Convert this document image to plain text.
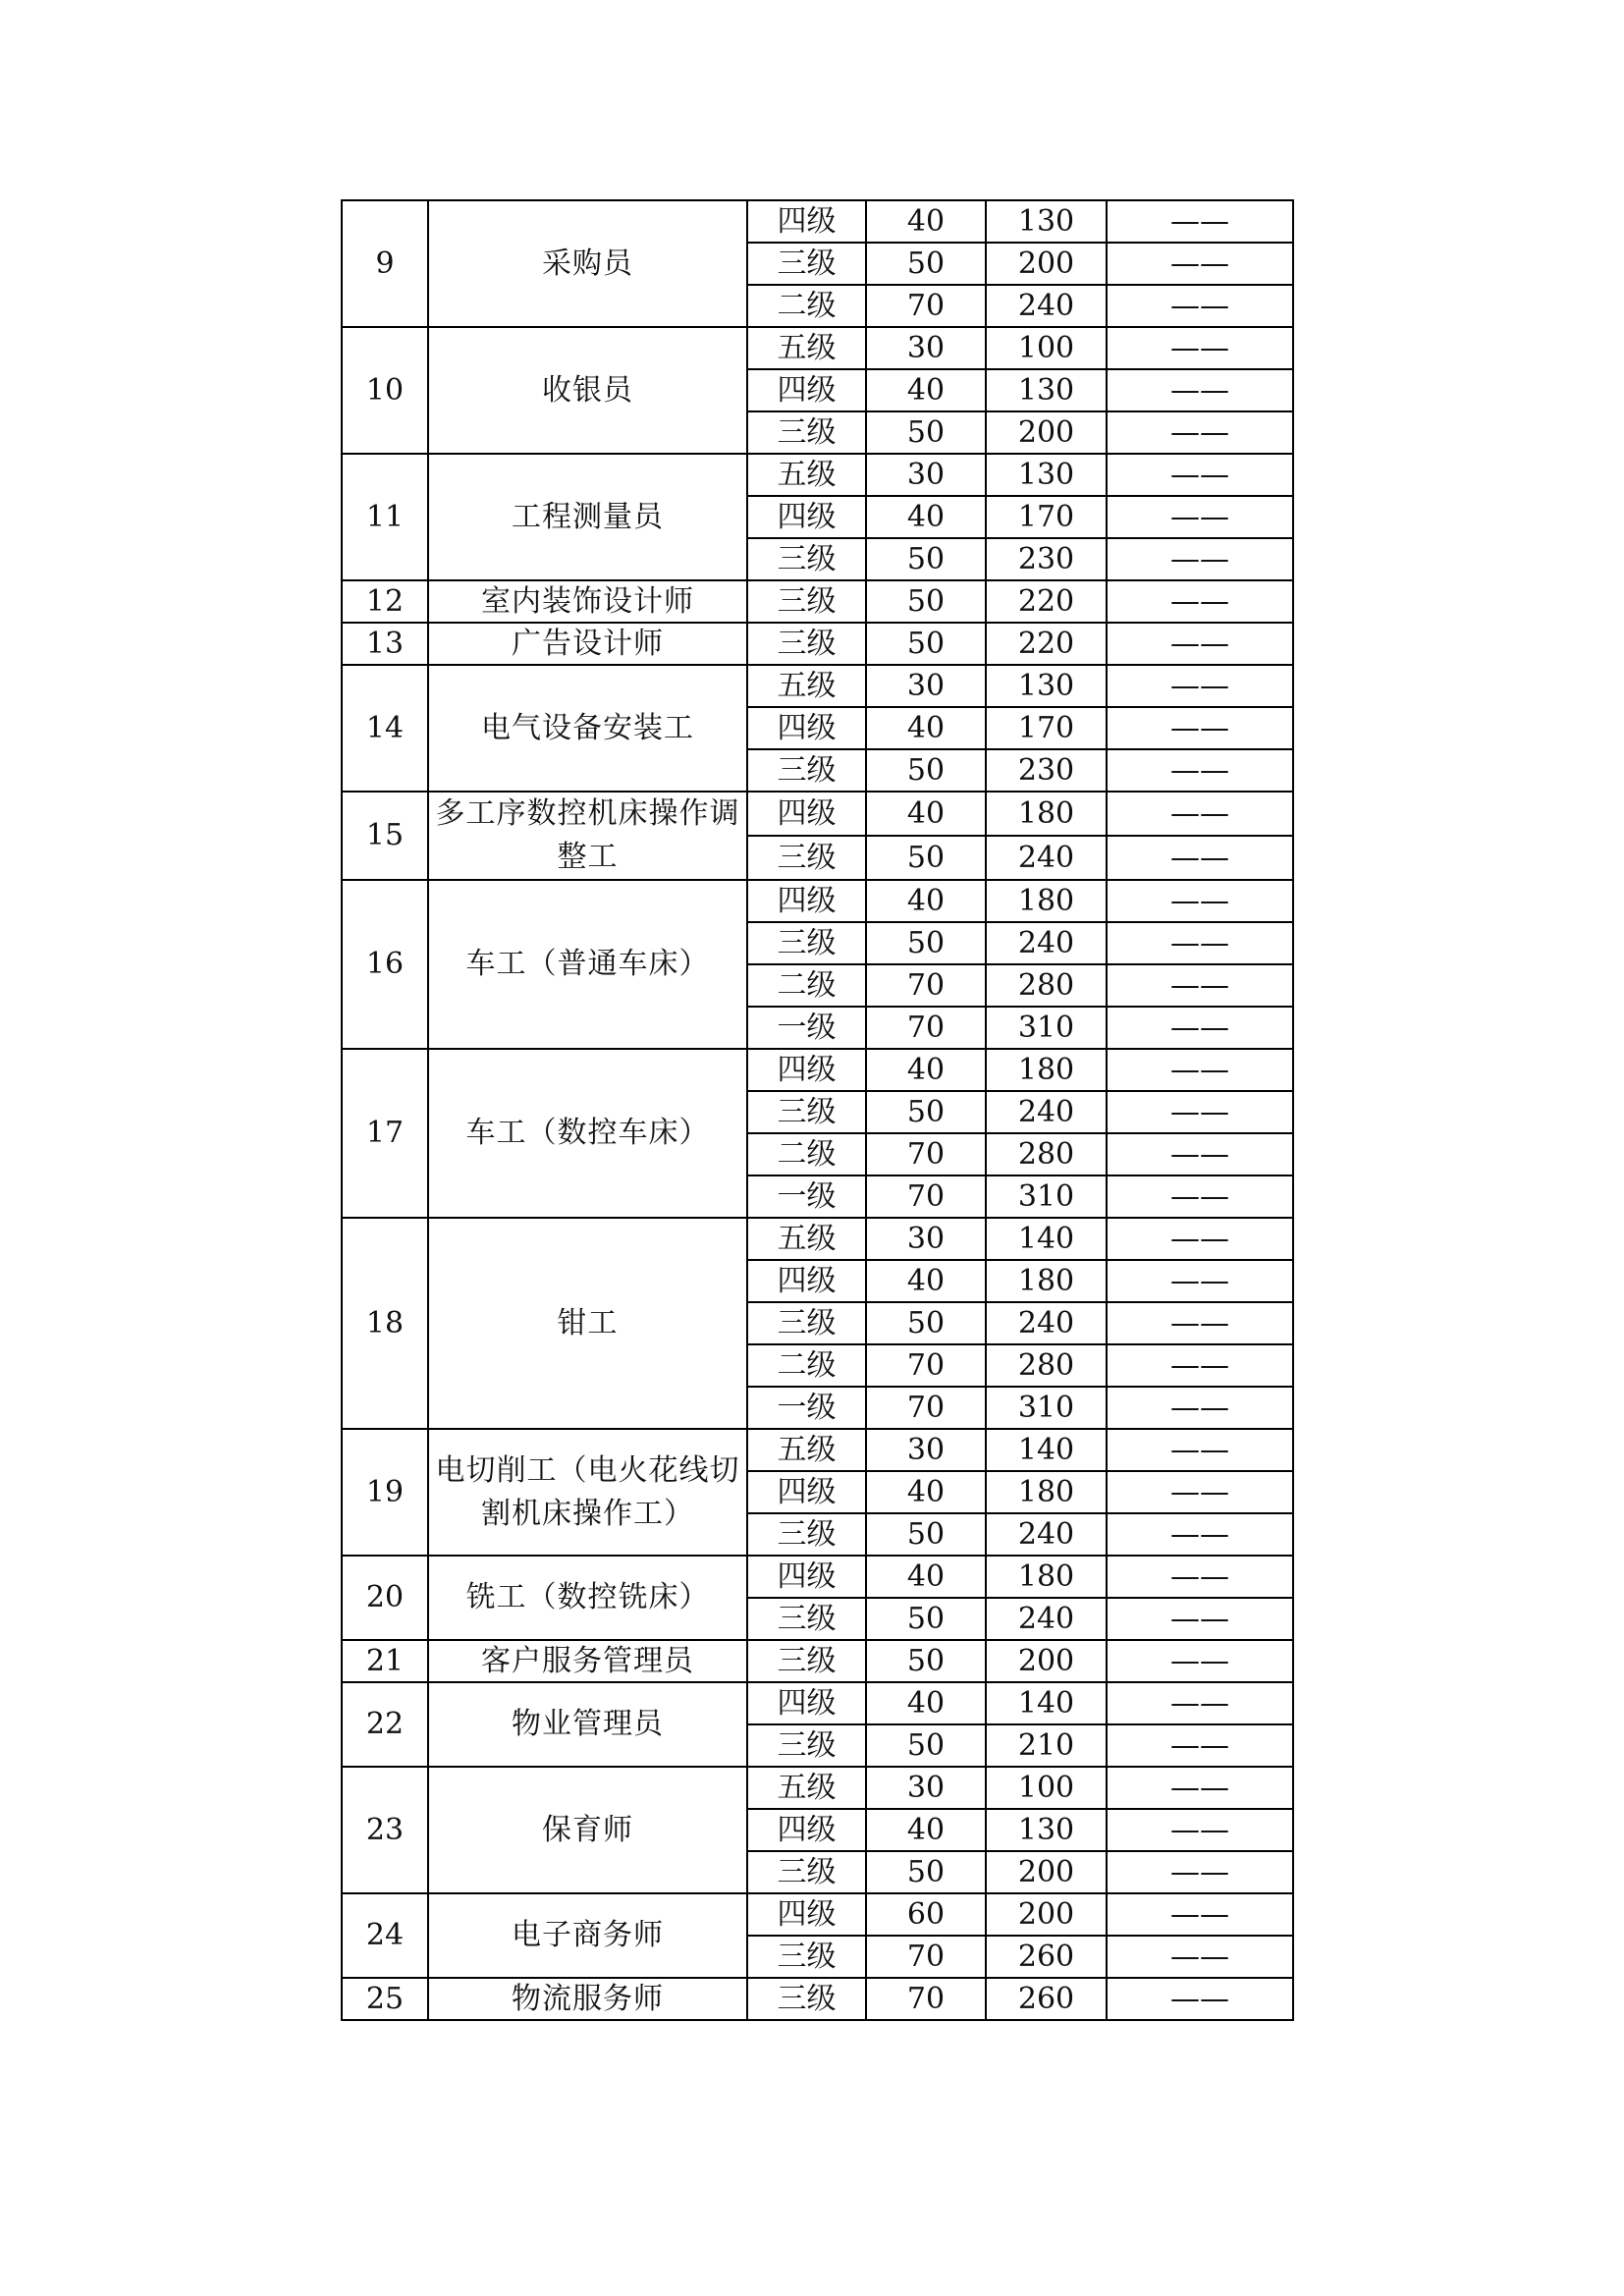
9	采购员	四级	40	130	——
		三级	50	200	——
		二级	70	240	——
10	收银员	五级	30	100	——
		四级	40	130	——
		三级	50	200	——
11	工程测量员	五级	30	130	——
		四级	40	170	——
		三级	50	230	——
12	室内装饰设计师	三级	50	220	——
13	广告设计师	三级	50	220	——
14	电气设备安装工	五级	30	130	——
		四级	40	170	——
		三级	50	230	——
15	多工序数控机床操作调整工	四级	40	180	——
		三级	50	240	——
16	车工（普通车床）	四级	40	180	——
		三级	50	240	——
		二级	70	280	——
		一级	70	310	——
17	车工（数控车床）	四级	40	180	——
		三级	50	240	——
		二级	70	280	——
		一级	70	310	——
18	钳工	五级	30	140	——
		四级	40	180	——
		三级	50	240	——
		二级	70	280	——
		一级	70	310	——
19	电切削工（电火花线切割机床操作工）	五级	30	140	——
		四级	40	180	——
		三级	50	240	——
20	铣工（数控铣床）	四级	40	180	——
		三级	50	240	——
21	客户服务管理员	三级	50	200	——
22	物业管理员	四级	40	140	——
		三级	50	210	——
23	保育师	五级	30	100	——
		四级	40	130	——
		三级	50	200	——
24	电子商务师	四级	60	200	——
		三级	70	260	——
25	物流服务师	三级	70	260	——
